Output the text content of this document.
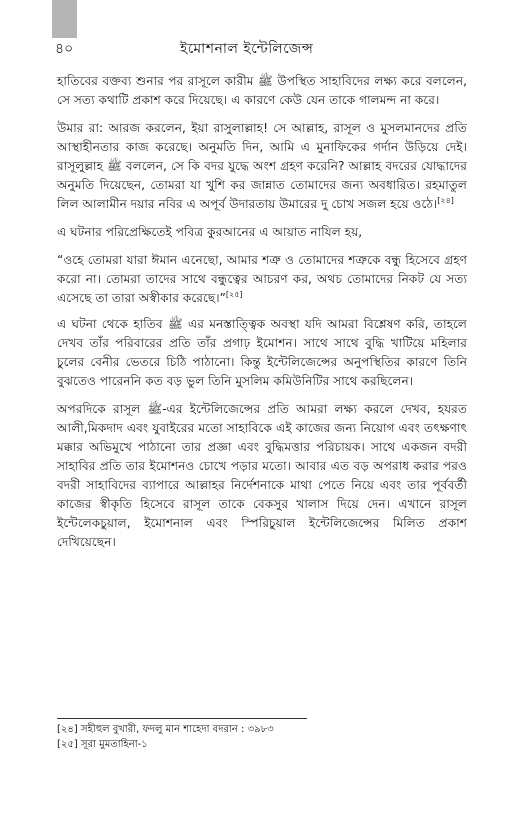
৪০	ইমোশনাল ইন্টেলিজেন্স

হাতিবের বক্তব্য শুনার পর রাসূলে কারীম ﷺ উপস্থিত সাহাবিদের লক্ষ্য করে বললেন, সে সত্য কথাটি প্রকাশ করে দিয়েছে। এ কারণে কেউ যেন তাকে গালমন্দ না করে।

উমার রা: আরজ করলেন, ইয়া রাসুলাল্লাহ! সে আল্লাহ, রাসূল ও মুসলমানদের প্রতি আস্থাহীনতার কাজ করেছে। অনুমতি দিন, আমি এ মুনাফিকের গর্দান উড়িয়ে দেই। রাসূলুল্লাহ ﷺ বললেন, সে কি বদর যুদ্ধে অংশ গ্রহণ করেনি? আল্লাহ বদরের যোদ্ধাদের অনুমতি দিয়েছেন, তোমরা যা খুশি কর জান্নাত তোমাদের জন্য অবধারিত। রহমাতুল লিল আলামীন দয়ার নবির এ অপূর্ব উদারতায় উমারের দু চোখ সজল হয়ে ওঠে।[২৪]

এ ঘটনার পরিপ্রেক্ষিতেই পবিত্র কুরআনের এ আয়াত নাযিল হয়,

“ওহে তোমরা যারা ঈমান এনেছো, আমার শত্রু ও তোমাদের শত্রুকে বন্ধু হিসেবে গ্রহণ করো না। তোমরা তাদের সাথে বন্ধুত্বের আচরণ কর, অথচ তোমাদের নিকট যে সত্য এসেছে তা তারা অস্বীকার করেছে।”[২৫]

এ ঘটনা থেকে হাতিব ﷺ এর মনস্তাত্ত্বিক অবস্থা যদি আমরা বিশ্লেষণ করি, তাহলে দেখব তাঁর পরিবারের প্রতি তাঁর প্রগাঢ় ইমোশন। সাথে সাথে বুদ্ধি খাটিয়ে মহিলার চুলের বেনীর ভেতরে চিঠি পাঠানো। কিন্তু ইন্টেলিজেন্সের অনুপস্থিতির কারণে তিনি বুঝতেও পারেননি কত বড় ভুল তিনি মুসলিম কমিউনিটির সাথে করছিলেন।

অপরদিকে রাসূল ﷺ-এর ইন্টেলিজেন্সের প্রতি আমরা লক্ষ্য করলে দেখব, হযরত আলী,মিকদাদ এবং যুবাইরের মতো সাহাবিকে এই কাজের জন্য নিয়োগ এবং তৎক্ষণাৎ মক্কার অভিমুখে পাঠানো তার প্রজ্ঞা এবং বুদ্ধিমত্তার পরিচায়ক। সাথে একজন বদরী সাহাবির প্রতি তার ইমোশনও চোখে পড়ার মতো। আবার এত বড় অপরাধ করার পরও বদরী সাহাবিদের ব্যাপারে আল্লাহর নির্দেশনাকে মাথা পেতে নিয়ে এবং তার পূর্ববর্তী কাজের স্বীকৃতি হিসেবে রাসূল তাকে বেকসুর খালাস দিয়ে দেন। এখানে রাসূল ইন্টেলেকচুয়াল, ইমোশনাল এবং স্পিরিচুয়াল ইন্টেলিজেন্সের মিলিত প্রকাশ দেখিয়েছেন।

[২৪] সহীহুল বুখারী, ফদলু মান শাহেদা বদরান : ৩৯৮৩
[২৫] সূরা মুমতাহিনা-১
